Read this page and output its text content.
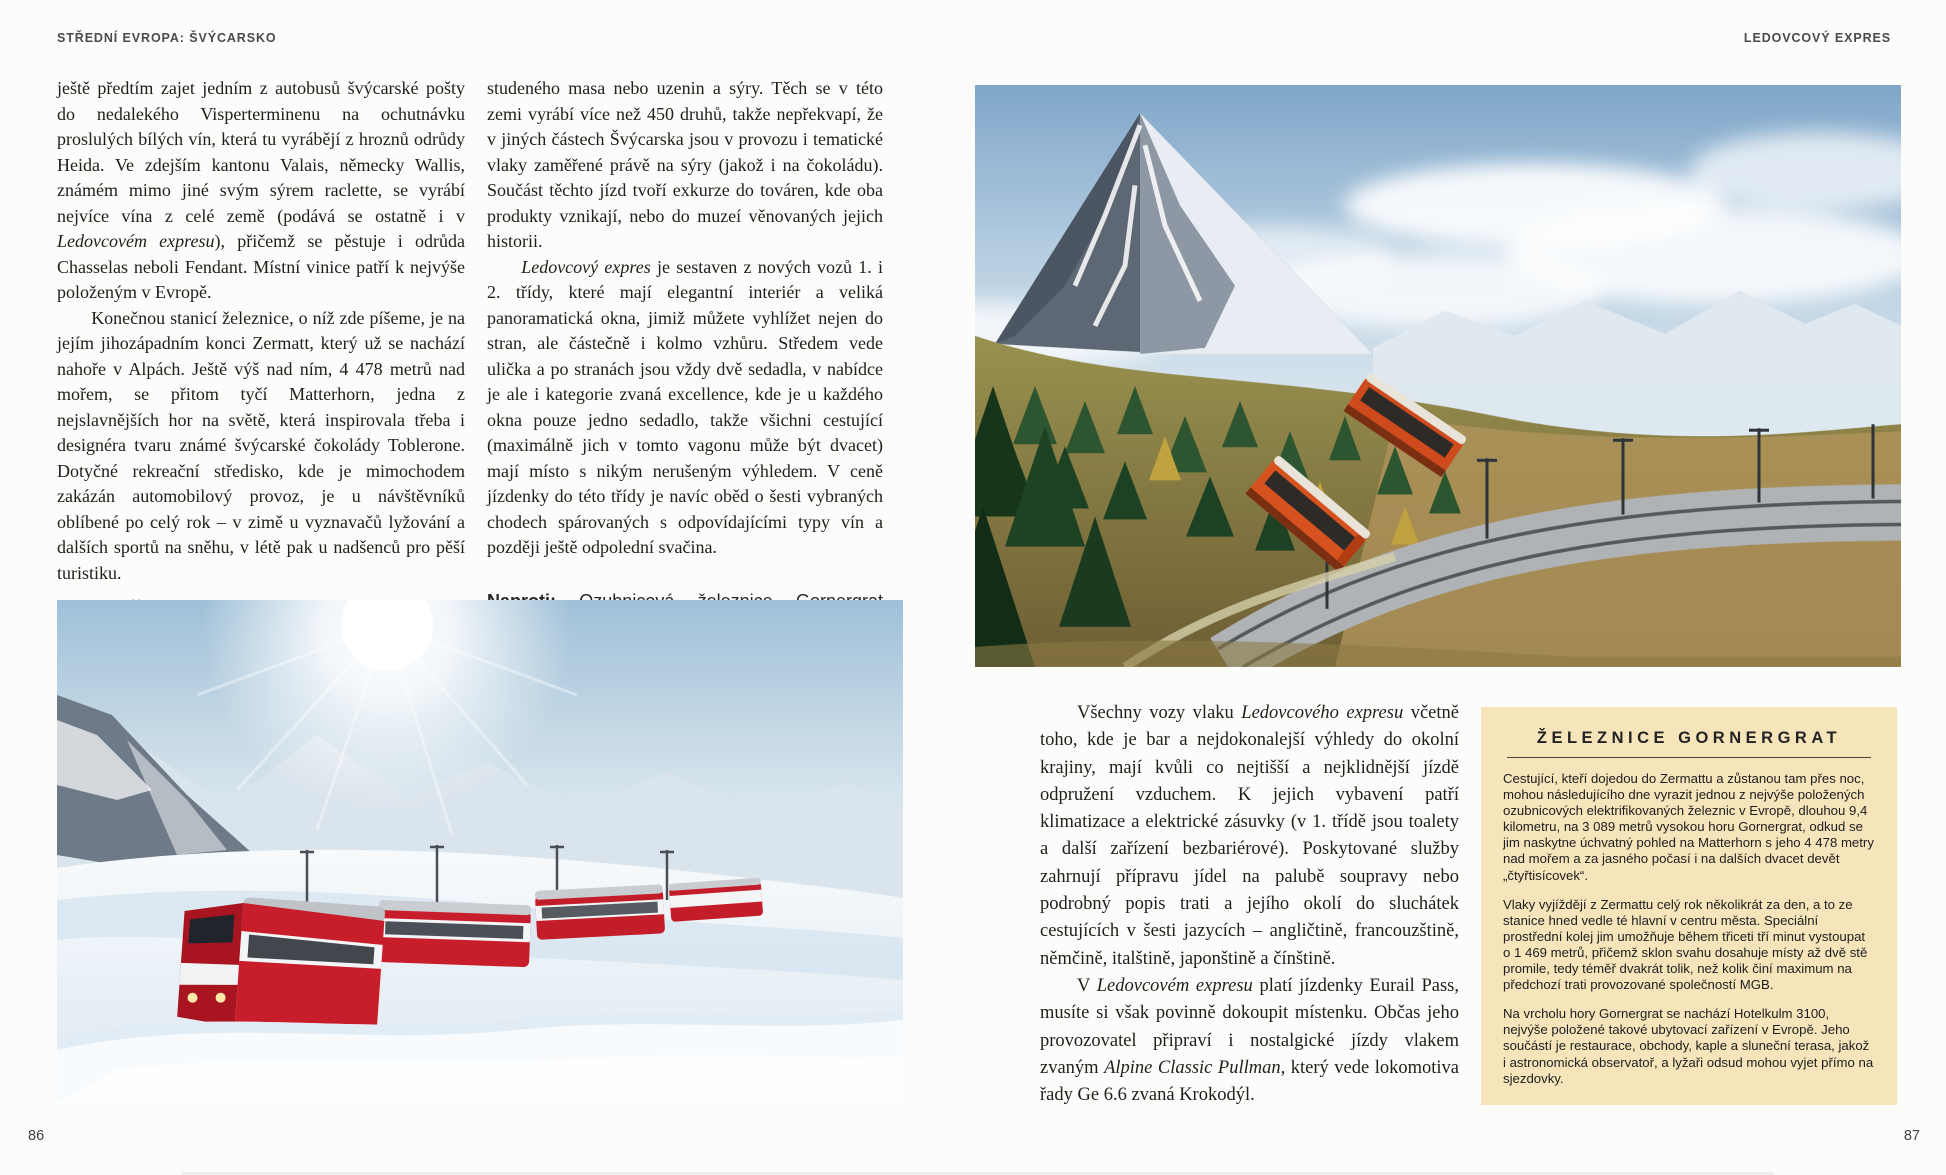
STŘEDNÍ EVROPA: ŠVÝCARSKO	LEDOVCOVÝ EXPRES

ještě předtím zajet jedním z autobusů švýcarské pošty do nedalekého Visperterminenu na ochutnávku proslulých bílých vín, která tu vyrábějí z hroznů odrůdy Heida. Ve zdejším kantonu Valais, německy Wallis, známém mimo jiné svým sýrem raclette, se vyrábí nejvíce vína z celé země (podává se ostatně i v Ledovcovém expresu), přičemž se pěstuje i odrůda Chasselas neboli Fendant. Místní vinice patří k nejvýše položeným v Evropě.

Konečnou stanicí železnice, o níž zde píšeme, je na jejím jihozápadním konci Zermatt, který už se nachází nahoře v Alpách. Ještě výš nad ním, 4 478 metrů nad mořem, se přitom tyčí Matterhorn, jedna z nejslavnějších hor na světě, která inspirovala třeba i designéra tvaru známé švýcarské čokolády Toblerone. Dotyčné rekreační středisko, kde je mimochodem zakázán automobilový provoz, je u návštěvníků oblíbené po celý rok – v zimě u vyznavačů lyžování a dalších sportů na sněhu, v létě pak u nadšenců pro pěší turistiku.

studeného masa nebo uzenin a sýry. Těch se v této zemi vyrábí více než 450 druhů, takže nepřekvapí, že v jiných částech Švýcarska jsou v provozu i tematické vlaky zaměřené právě na sýry (jakož i na čokoládu). Součást těchto jízd tvoří exkurze do továren, kde oba produkty vznikají, nebo do muzeí věnovaných jejich historii.

Ledovcový expres je sestaven z nových vozů 1. i 2. třídy, které mají elegantní interiér a veliká panoramatická okna, jimiž můžete vyhlížet nejen do stran, ale částečně i kolmo vzhůru. Středem vede ulička a po stranách jsou vždy dvě sedadla, v nabídce je ale i kategorie zvaná excellence, kde je u každého okna pouze jedno sedadlo, takže všichni cestující (maximálně jich v tomto vagonu může být dvacet) mají místo s nikým nerušeným výhledem. V ceně jízdenky do této třídy je navíc oběd o šesti vybraných chodech spárovaných s odpovídajícími typy vín a později ještě odpolední svačina.

Všechny vozy vlaku Ledovcového expresu včetně toho, kde je bar a nejdokonalejší výhledy do okolní krajiny, mají kvůli co nejtišší a nejklidnější jízdě odpružení vzduchem. K jejich vybavení patří klimatizace a elektrické zásuvky (v 1. třídě jsou toalety a další zařízení bezbariérové). Poskytované služby zahrnují přípravu jídel na palubě soupravy nebo podrobný popis trati a jejího okolí do sluchátek cestujících v šesti jazycích – angličtině, francouzštině, němčině, italštině, japonštině a čínštině.

V Ledovcovém expresu platí jízdenky Eurail Pass, musíte si však povinně dokoupit místenku. Občas jeho provozovatel připraví i nostalgické jízdy vlakem zvaným Alpine Classic Pullman, který vede lokomotiva řady Ge 6.6 zvaná Krokodýl.

ŽELEZNICE GORNERGRAT

Cestující, kteří dojedou do Zermattu a zůstanou tam přes noc, mohou následujícího dne vyrazit jednou z nejvýše položených ozubnicových elektrifikovaných železnic v Evropě, dlouhou 9,4 kilometru, na 3 089 metrů vysokou horu Gornergrat, odkud se jim naskytne úchvatný pohled na Matterhorn s jeho 4 478 metry nad mořem a za jasného počasí i na dalších dvacet devět „čtyřtisícovek“.

Vlaky vyjíždějí z Zermattu celý rok několikrát za den, a to ze stanice hned vedle té hlavní v centru města. Speciální prostřední kolej jim umožňuje během třiceti tří minut vystoupat o 1 469 metrů, přičemž sklon svahu dosahuje místy až dvě stě promile, tedy téměř dvakrát tolik, než kolik činí maximum na předchozí trati provozované společností MGB.

Na vrcholu hory Gornergrat se nachází Hotelkulm 3100, nejvýše položené takové ubytovací zařízení v Evropě. Jeho součástí je restaurace, obchody, kaple a sluneční terasa, jakož i astronomická observatoř, a lyžaři odsud mohou vyjet přímo na sjezdovky.

86	87
